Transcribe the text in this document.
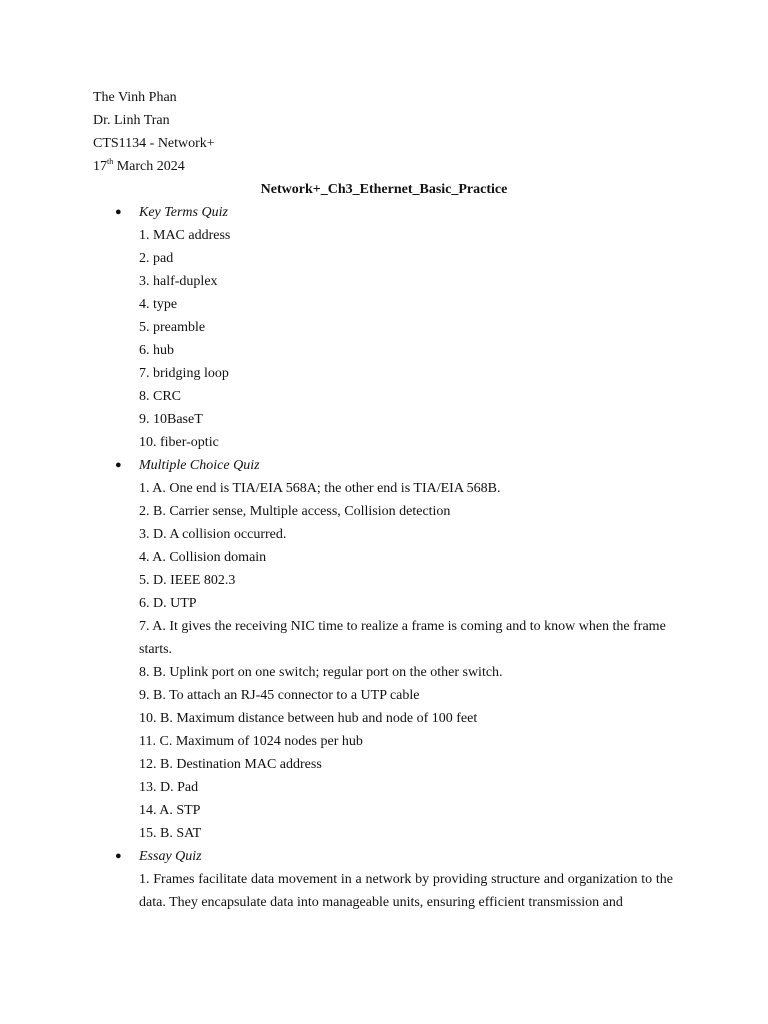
The Vinh Phan
Dr. Linh Tran
CTS1134 - Network+
17th March 2024
Network+_Ch3_Ethernet_Basic_Practice
● Key Terms Quiz
1. MAC address
2. pad
3. half-duplex
4. type
5. preamble
6. hub
7. bridging loop
8. CRC
9. 10BaseT
10. fiber-optic
● Multiple Choice Quiz
1. A. One end is TIA/EIA 568A; the other end is TIA/EIA 568B.
2. B. Carrier sense, Multiple access, Collision detection
3. D. A collision occurred.
4. A. Collision domain
5. D. IEEE 802.3
6. D. UTP
7. A. It gives the receiving NIC time to realize a frame is coming and to know when the frame starts.
8. B. Uplink port on one switch; regular port on the other switch.
9. B. To attach an RJ-45 connector to a UTP cable
10. B. Maximum distance between hub and node of 100 feet
11. C. Maximum of 1024 nodes per hub
12. B. Destination MAC address
13. D. Pad
14. A. STP
15. B. SAT
● Essay Quiz
1. Frames facilitate data movement in a network by providing structure and organization to the data. They encapsulate data into manageable units, ensuring efficient transmission and
